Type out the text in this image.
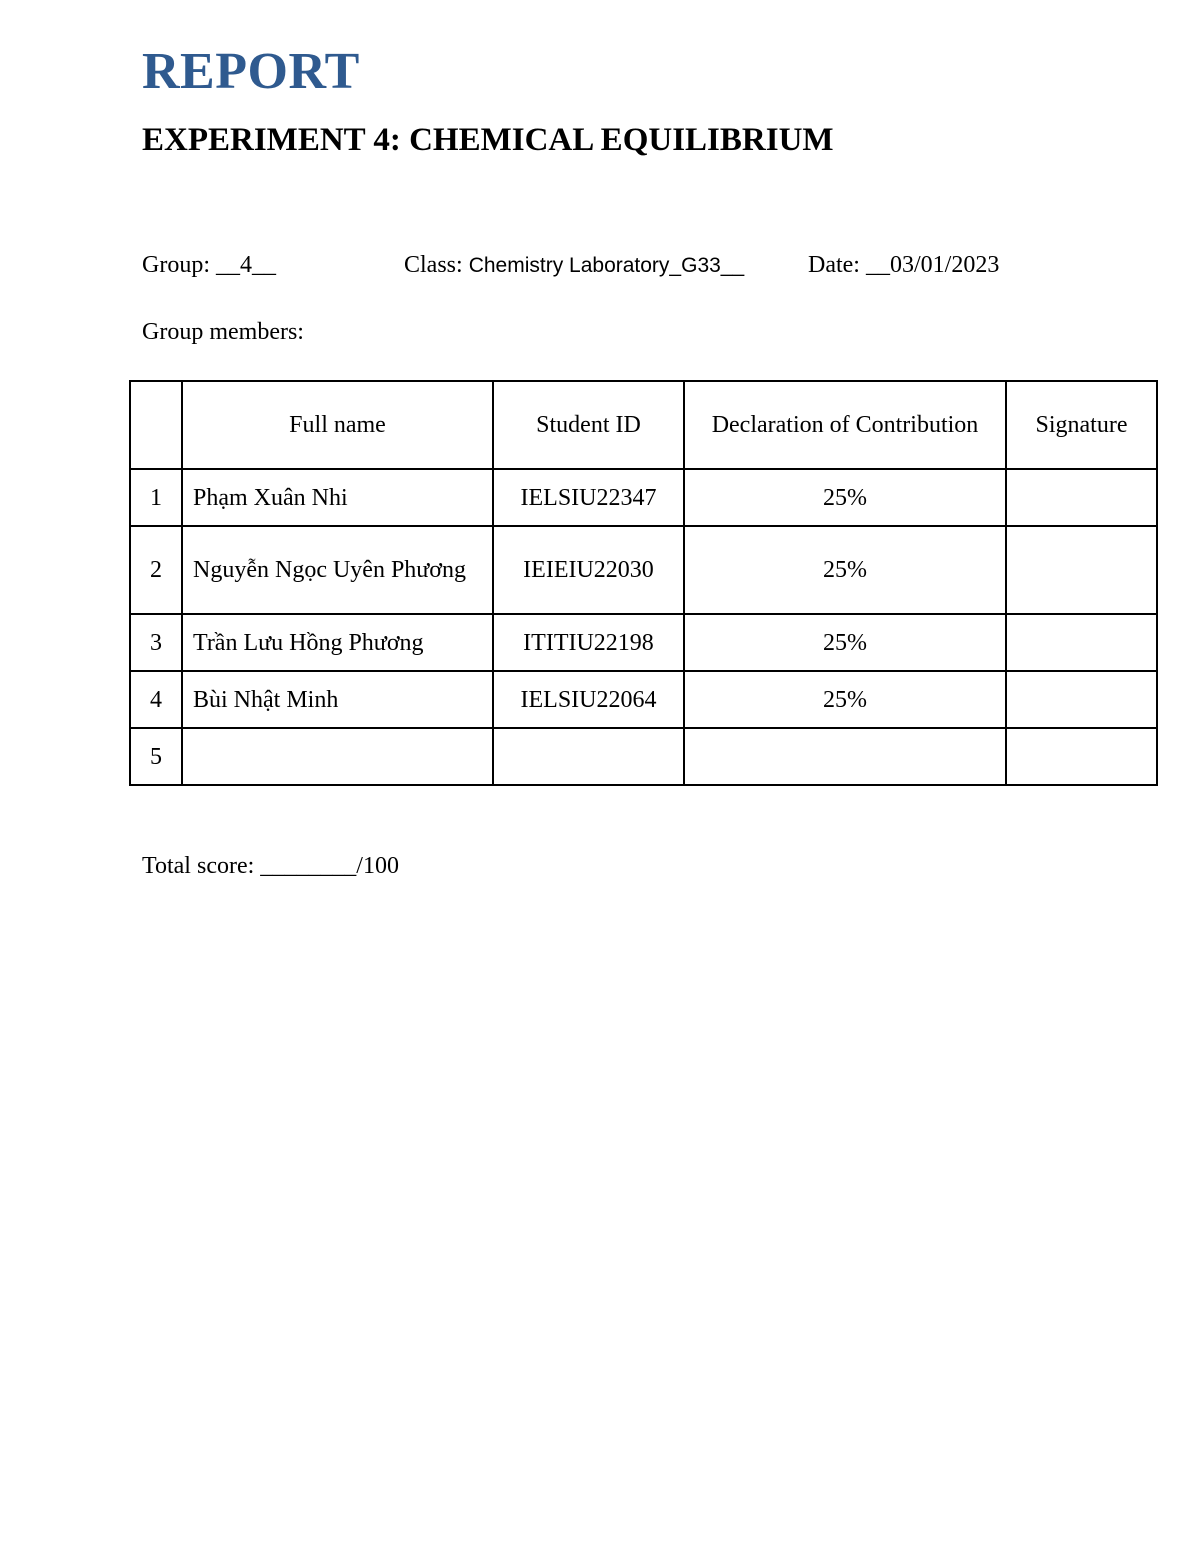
REPORT
EXPERIMENT 4: CHEMICAL EQUILIBRIUM
Group: __4__	Class: Chemistry Laboratory_G33__	Date: __03/01/2023
Group members:
	Full name	Student ID	Declaration of Contribution	Signature
1	Phạm Xuân Nhi	IELSIU22347	25%	
2	Nguyễn Ngọc Uyên Phương	IEIEIU22030	25%	
3	Trần Lưu Hồng Phương	ITITIU22198	25%	
4	Bùi Nhật Minh	IELSIU22064	25%	
5				
Total score: ________/100
